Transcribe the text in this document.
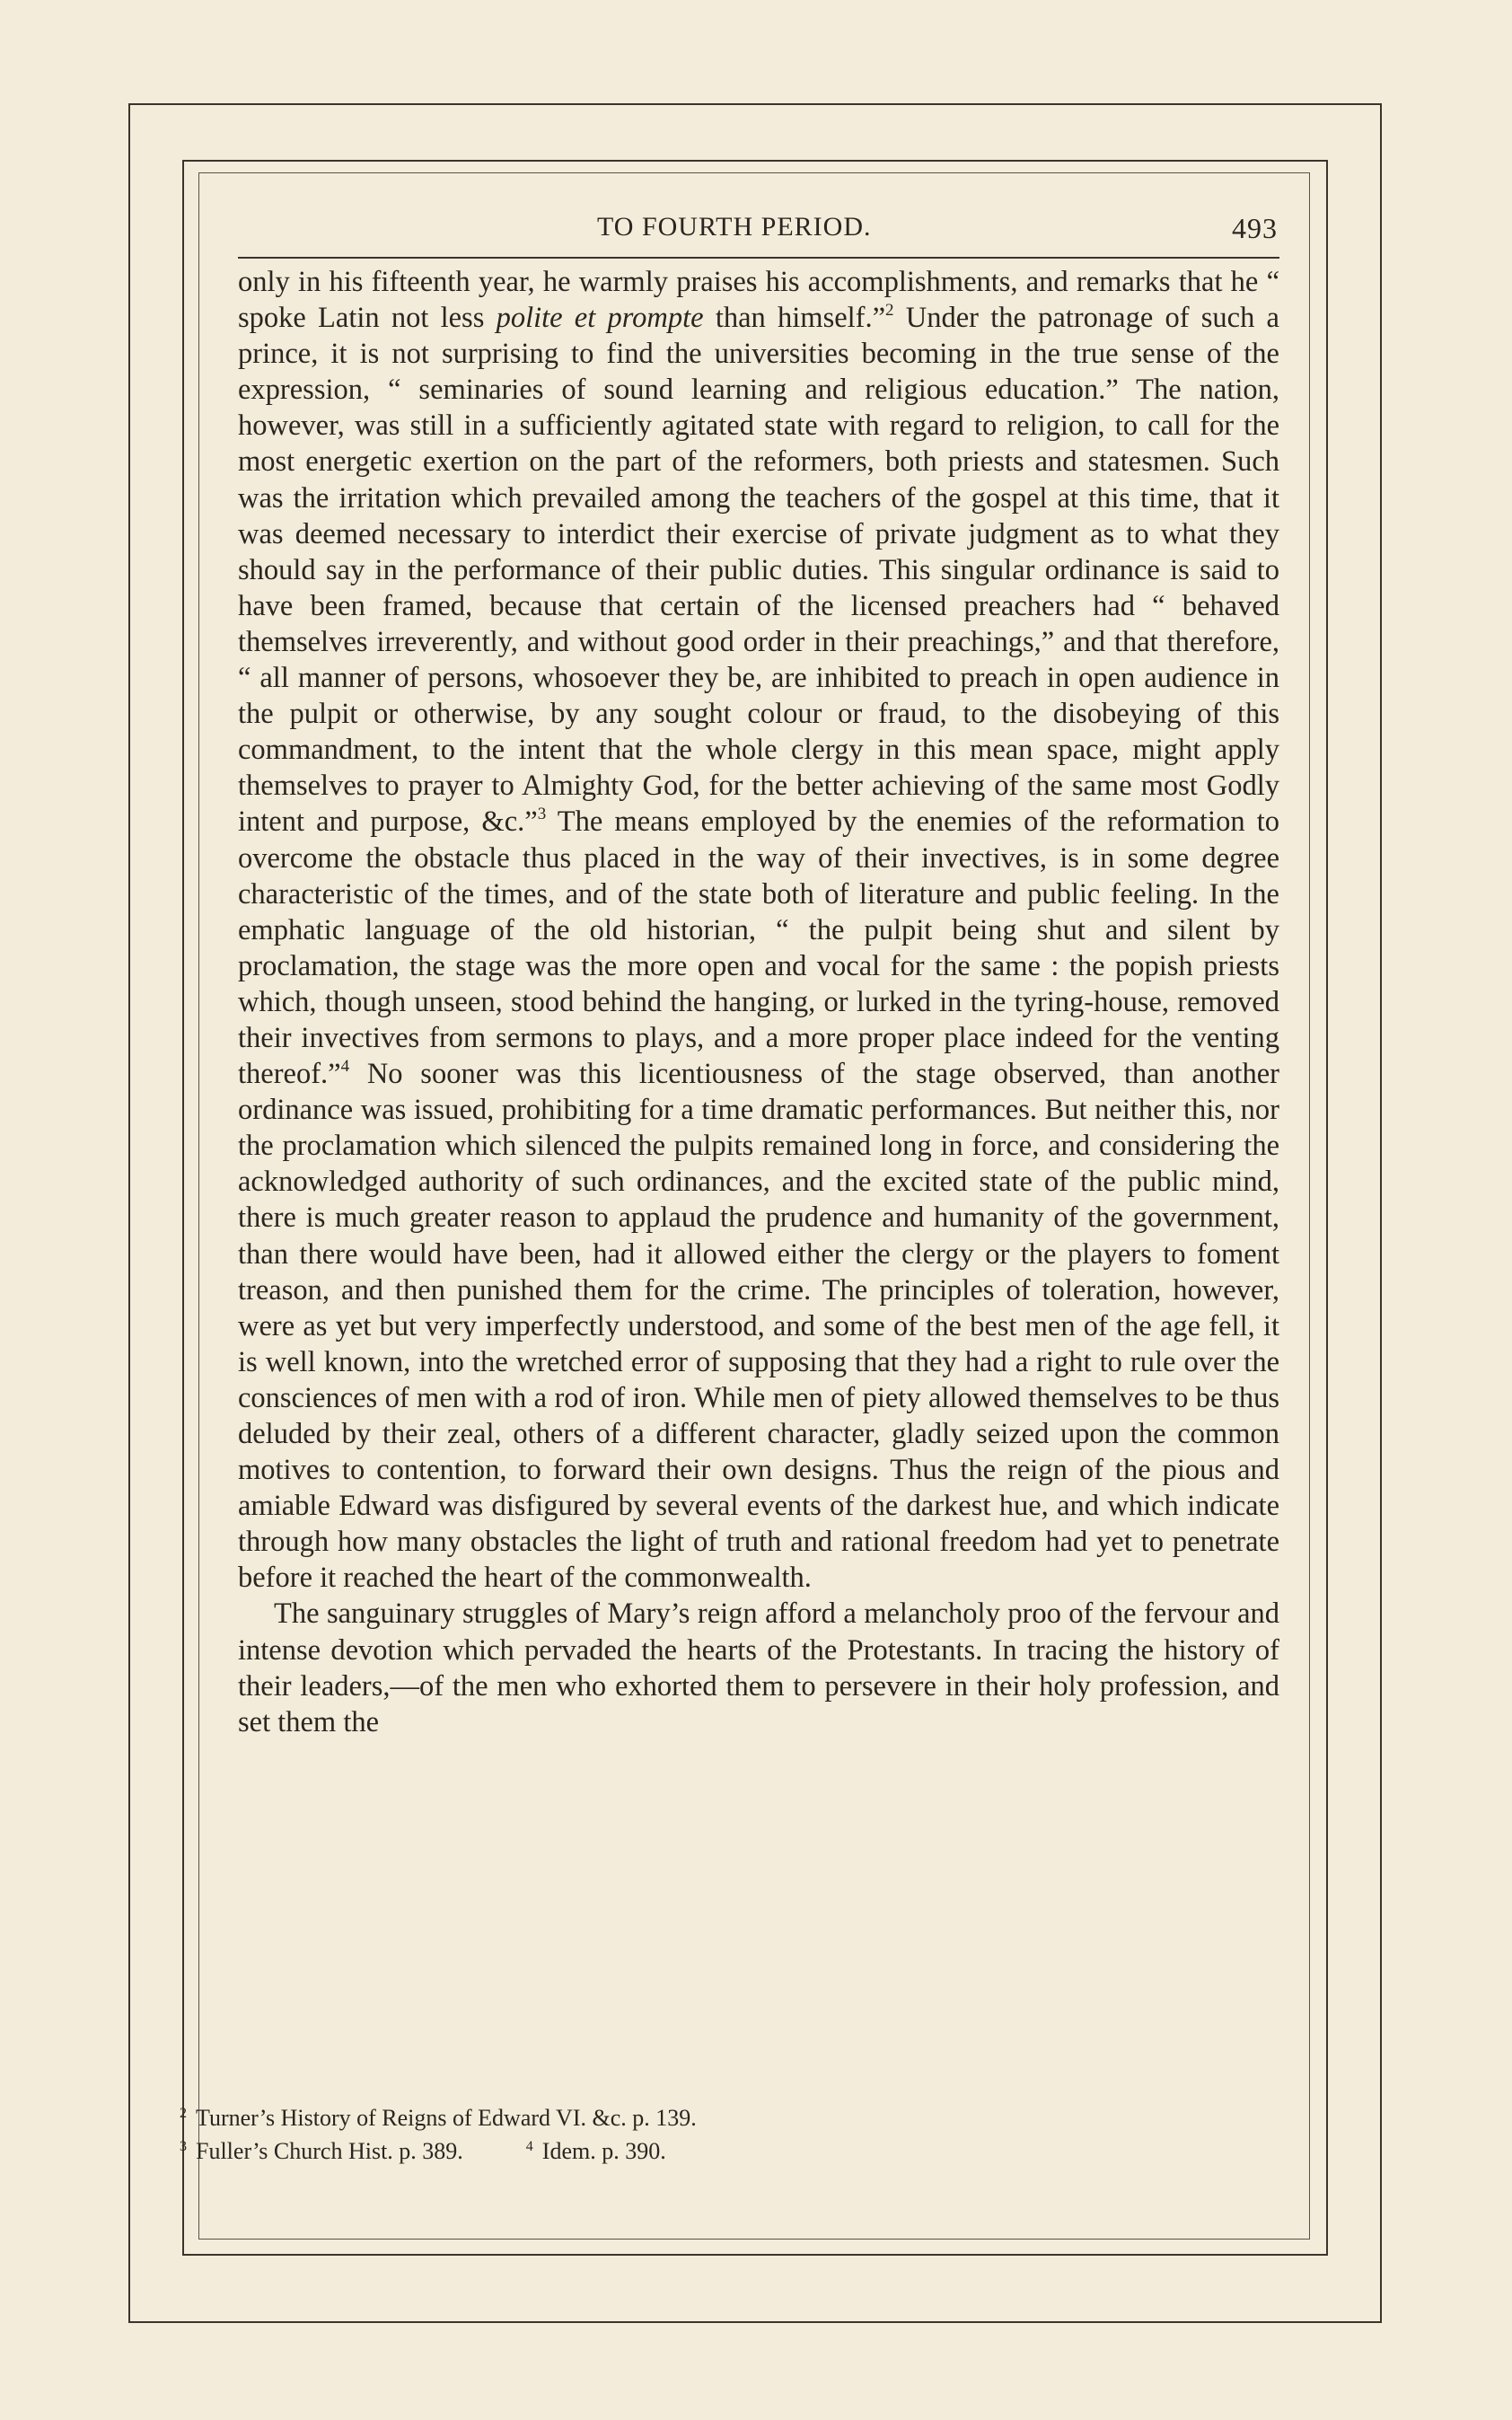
TO FOURTH PERIOD.	493

only in his fifteenth year, he warmly praises his accomplishments, and remarks that he “ spoke Latin not less polite et prompte than himself.”$^2$ Under the patronage of such a prince, it is not surprising to find the universities becoming in the true sense of the expression, “ seminaries of sound learning and religious education.” The nation, however, was still in a sufficiently agitated state with regard to religion, to call for the most energetic exertion on the part of the reformers, both priests and statesmen. Such was the irritation which prevailed among the teachers of the gospel at this time, that it was deemed necessary to interdict their exercise of private judgment as to what they should say in the performance of their public duties. This singular ordinance is said to have been framed, because that certain of the licensed preachers had “ behaved themselves irreverently, and without good order in their preachings,” and that therefore, “ all manner of persons, whosoever they be, are inhibited to preach in open audience in the pulpit or otherwise, by any sought colour or fraud, to the disobeying of this commandment, to the intent that the whole clergy in this mean space, might apply themselves to prayer to Almighty God, for the better achieving of the same most Godly intent and purpose, &c.”$^3$ The means employed by the enemies of the reformation to overcome the obstacle thus placed in the way of their invectives, is in some degree characteristic of the times, and of the state both of literature and public feeling. In the emphatic language of the old historian, “ the pulpit being shut and silent by proclamation, the stage was the more open and vocal for the same : the popish priests which, though unseen, stood behind the hanging, or lurked in the tyring-house, removed their invectives from sermons to plays, and a more proper place indeed for the venting thereof.”$^4$ No sooner was this licentiousness of the stage observed, than another ordinance was issued, prohibiting for a time dramatic performances. But neither this, nor the proclamation which silenced the pulpits remained long in force, and considering the acknowledged authority of such ordinances, and the excited state of the public mind, there is much greater reason to applaud the prudence and humanity of the government, than there would have been, had it allowed either the clergy or the players to foment treason, and then punished them for the crime. The principles of toleration, however, were as yet but very imperfectly understood, and some of the best men of the age fell, it is well known, into the wretched error of supposing that they had a right to rule over the consciences of men with a rod of iron. While men of piety allowed themselves to be thus deluded by their zeal, others of a different character, gladly seized upon the common motives to contention, to forward their own designs. Thus the reign of the pious and amiable Edward was disfigured by several events of the darkest hue, and which indicate through how many obstacles the light of truth and rational freedom had yet to penetrate before it reached the heart of the commonwealth.

The sanguinary struggles of Mary’s reign afford a melancholy proo of the fervour and intense devotion which pervaded the hearts of the Protestants. In tracing the history of their leaders,—of the men who exhorted them to persevere in their holy profession, and set them the

$^2$ Turner’s History of Reigns of Edward VI. &c. p. 139.
$^3$ Fuller’s Church Hist. p. 389.	$^4$ Idem. p. 390.
